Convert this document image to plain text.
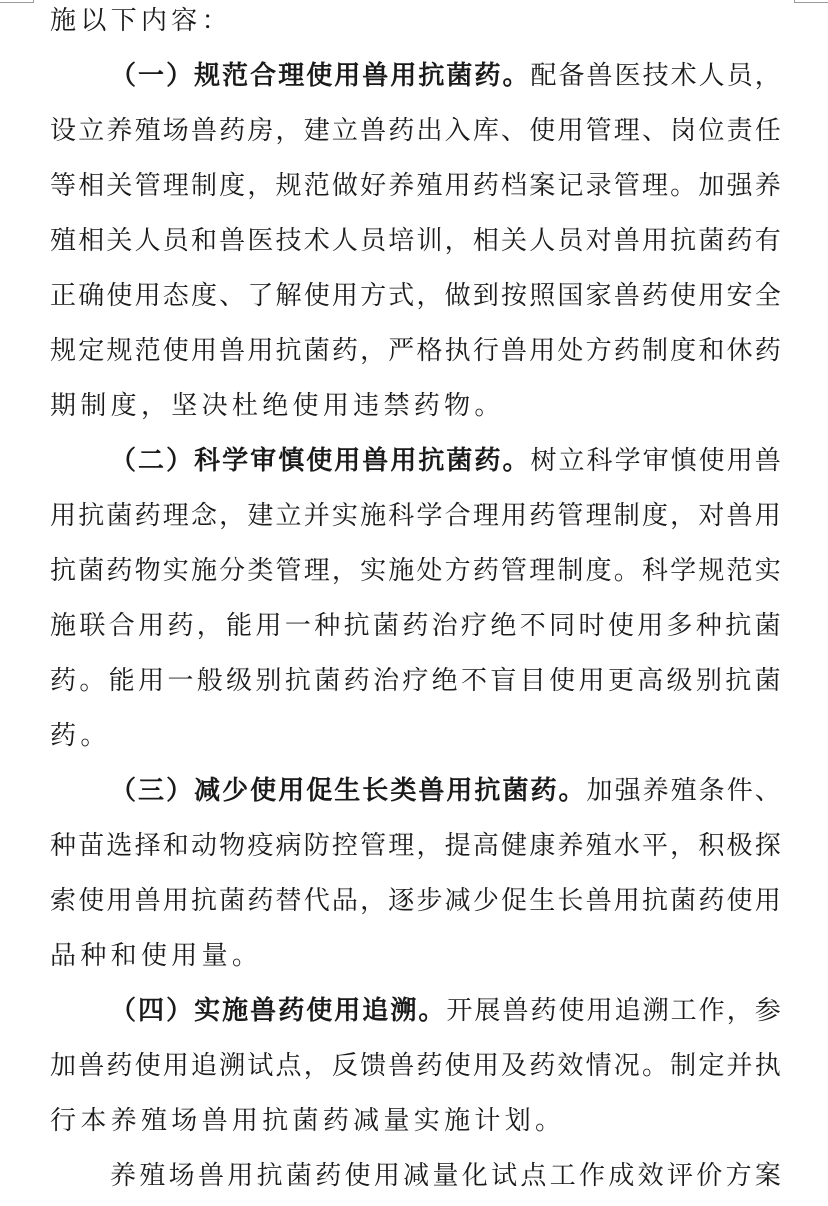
施 以 下 内 容 ：
（ 一 ） 规 范 合 理 使 用 兽 用 抗 菌 药 。 配 备 兽 医 技 术 人 员 ，
设 立 养 殖 场 兽 药 房 ， 建 立 兽 药 出 入 库 、 使 用 管 理 、 岗 位 责 任
等 相 关 管 理 制 度 ， 规 范 做 好 养 殖 用 药 档 案 记 录 管 理 。 加 强 养
殖 相 关 人 员 和 兽 医 技 术 人 员 培 训 ， 相 关 人 员 对 兽 用 抗 菌 药 有
正 确 使 用 态 度 、 了 解 使 用 方 式 ， 做 到 按 照 国 家 兽 药 使 用 安 全
规 定 规 范 使 用 兽 用 抗 菌 药 ， 严 格 执 行 兽 用 处 方 药 制 度 和 休 药
期 制 度 ， 坚 决 杜 绝 使 用 违 禁 药 物 。
（ 二 ） 科 学 审 慎 使 用 兽 用 抗 菌 药 。 树 立 科 学 审 慎 使 用 兽
用 抗 菌 药 理 念 ， 建 立 并 实 施 科 学 合 理 用 药 管 理 制 度 ， 对 兽 用
抗 菌 药 物 实 施 分 类 管 理 ， 实 施 处 方 药 管 理 制 度 。 科 学 规 范 实
施 联 合 用 药 ， 能 用 一 种 抗 菌 药 治 疗 绝 不 同 时 使 用 多 种 抗 菌
药 。 能 用 一 般 级 别 抗 菌 药 治 疗 绝 不 盲 目 使 用 更 高 级 别 抗 菌
药 。
（ 三 ） 减 少 使 用 促 生 长 类 兽 用 抗 菌 药 。 加 强 养 殖 条 件 、
种 苗 选 择 和 动 物 疫 病 防 控 管 理 ， 提 高 健 康 养 殖 水 平 ， 积 极 探
索 使 用 兽 用 抗 菌 药 替 代 品 ， 逐 步 减 少 促 生 长 兽 用 抗 菌 药 使 用
品 种 和 使 用 量 。
（ 四 ） 实 施 兽 药 使 用 追 溯 。 开 展 兽 药 使 用 追 溯 工 作 ， 参
加 兽 药 使 用 追 溯 试 点 ， 反 馈 兽 药 使 用 及 药 效 情 况 。 制 定 并 执
行 本 养 殖 场 兽 用 抗 菌 药 减 量 实 施 计 划 。
养 殖 场 兽 用 抗 菌 药 使 用 减 量 化 试 点 工 作 成 效 评 价 方 案
